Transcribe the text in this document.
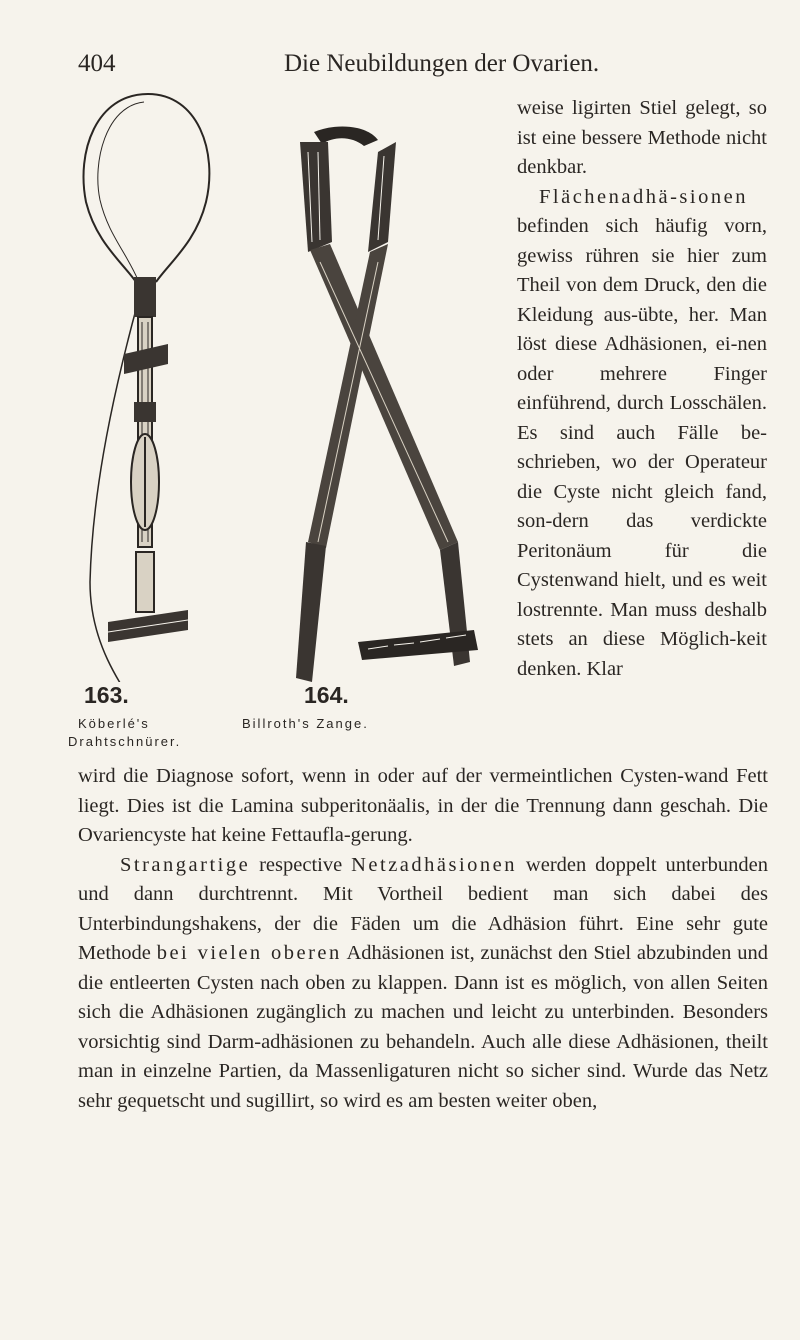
404	Die Neubildungen der Ovarien.
163.
Köberlé's
Drahtschnürer.
164.
Billroth's Zange.

weise ligirten Stiel gelegt, so ist eine bessere Methode nicht denkbar.

Flächenadhä-sionen befinden sich häufig vorn, gewiss rühren sie hier zum Theil von dem Druck, den die Kleidung aus-übte, her. Man löst diese Adhäsionen, ei-nen oder mehrere Finger einführend, durch Losschälen. Es sind auch Fälle be-schrieben, wo der Operateur die Cyste nicht gleich fand, son-dern das verdickte Peritonäum für die Cystenwand hielt, und es weit lostrennte. Man muss deshalb stets an diese Möglich-keit denken. Klar

wird die Diagnose sofort, wenn in oder auf der vermeintlichen Cysten-wand Fett liegt. Dies ist die Lamina subperitonäalis, in der die Trennung dann geschah. Die Ovariencyste hat keine Fettaufla-gerung.

Strangartige respective Netzadhäsionen werden doppelt unterbunden und dann durchtrennt. Mit Vortheil bedient man sich dabei des Unterbindungshakens, der die Fäden um die Adhäsion führt. Eine sehr gute Methode bei vielen oberen Adhäsionen ist, zunächst den Stiel abzubinden und die entleerten Cysten nach oben zu klappen. Dann ist es möglich, von allen Seiten sich die Adhäsionen zugänglich zu machen und leicht zu unterbinden. Besonders vorsichtig sind Darm-adhäsionen zu behandeln. Auch alle diese Adhäsionen, theilt man in einzelne Partien, da Massenligaturen nicht so sicher sind. Wurde das Netz sehr gequetscht und sugillirt, so wird es am besten weiter oben,
